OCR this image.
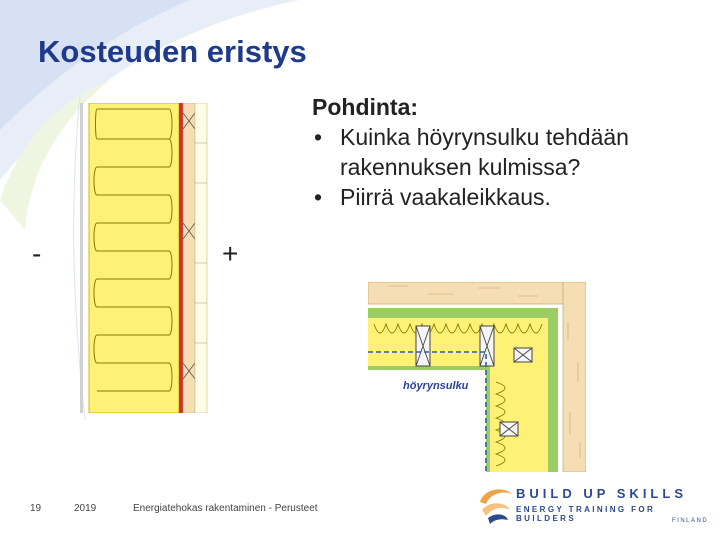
Kosteuden eristys
-	+
Pohdinta:
• Kuinka höyrynsulku tehdään rakennuksen kulmissa?
• Piirrä vaakaleikkaus.
höyrynsulku
19	2019	Energiatehokas rakentaminen - Perusteet
BUILD UP SKILLS
ENERGY TRAINING FOR BUILDERS	FINLAND
